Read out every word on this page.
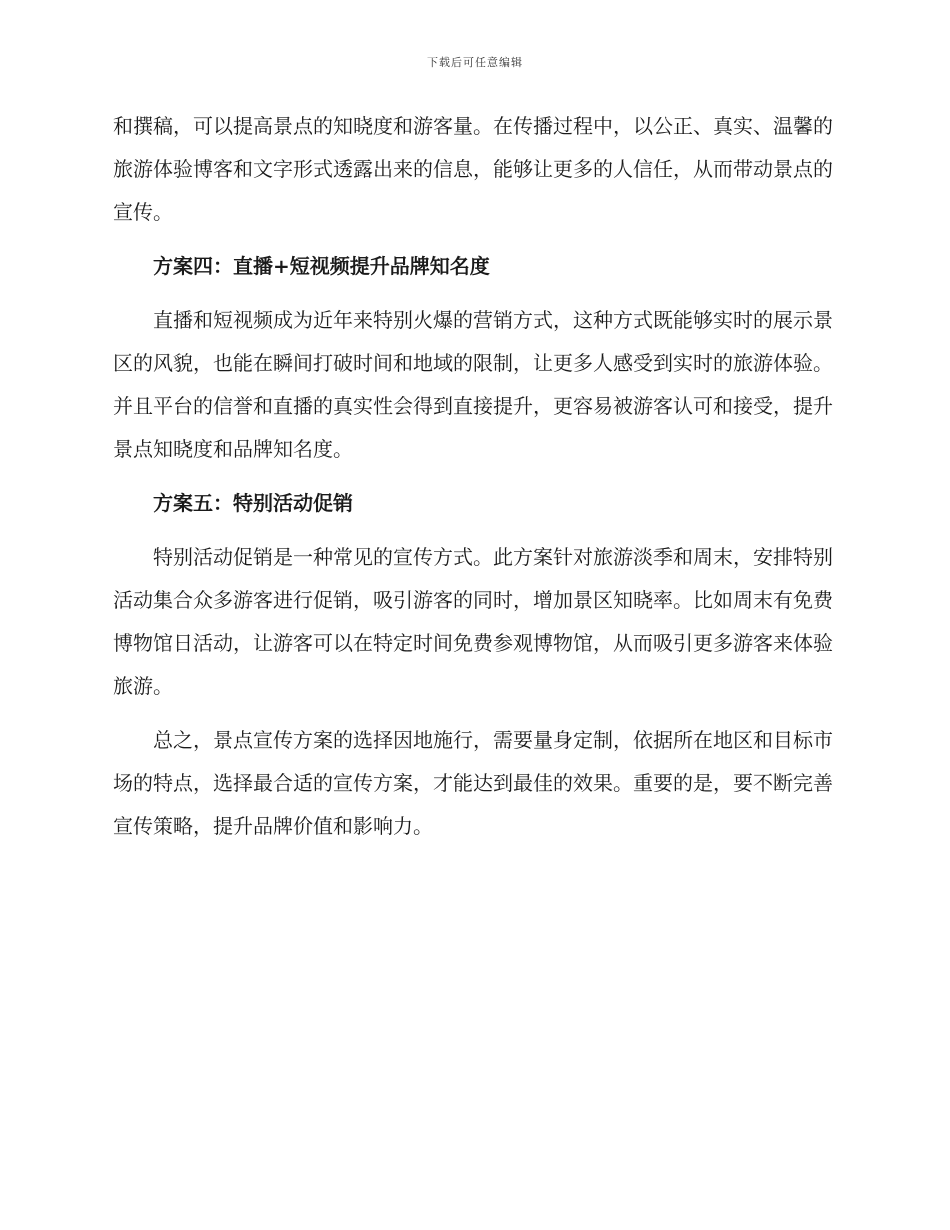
下载后可任意编辑

和撰稿，可以提高景点的知晓度和游客量。在传播过程中，以公正、真实、温馨的旅游体验博客和文字形式透露出来的信息，能够让更多的人信任，从而带动景点的宣传。

方案四：直播+短视频提升品牌知名度

直播和短视频成为近年来特别火爆的营销方式，这种方式既能够实时的展示景区的风貌，也能在瞬间打破时间和地域的限制，让更多人感受到实时的旅游体验。并且平台的信誉和直播的真实性会得到直接提升，更容易被游客认可和接受，提升景点知晓度和品牌知名度。

方案五：特别活动促销

特别活动促销是一种常见的宣传方式。此方案针对旅游淡季和周末，安排特别活动集合众多游客进行促销，吸引游客的同时，增加景区知晓率。比如周末有免费博物馆日活动，让游客可以在特定时间免费参观博物馆，从而吸引更多游客来体验旅游。

总之，景点宣传方案的选择因地施行，需要量身定制，依据所在地区和目标市场的特点，选择最合适的宣传方案，才能达到最佳的效果。重要的是，要不断完善宣传策略，提升品牌价值和影响力。
